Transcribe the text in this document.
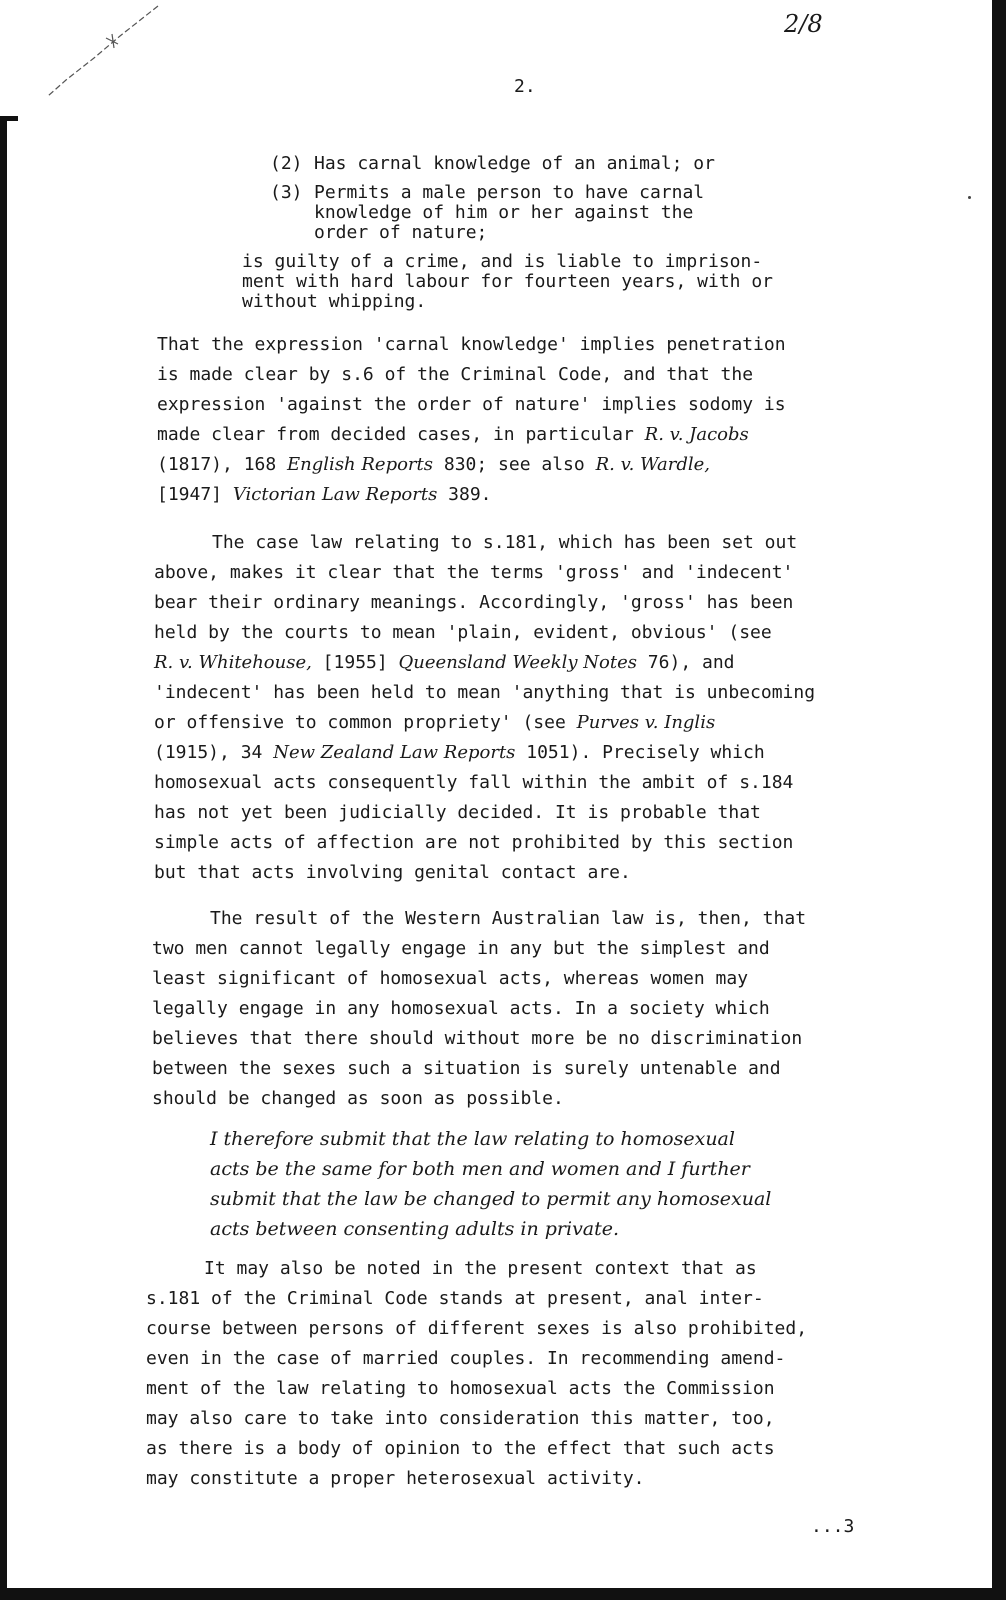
2/8
2.
(2) Has carnal knowledge of an animal; or
(3) Permits a male person to have carnal
knowledge of him or her against the
order of nature;
is guilty of a crime, and is liable to imprison-
ment with hard labour for fourteen years, with or
without whipping.
That the expression 'carnal knowledge' implies penetration
is made clear by s.6 of the Criminal Code, and that the
expression 'against the order of nature' implies sodomy is
made clear from decided cases, in particular R. v. Jacobs
(1817), 168 English Reports 830; see also R. v. Wardle,
[1947] Victorian Law Reports 389.
The case law relating to s.181, which has been set out
above, makes it clear that the terms 'gross' and 'indecent'
bear their ordinary meanings. Accordingly, 'gross' has been
held by the courts to mean 'plain, evident, obvious' (see
R. v. Whitehouse, [1955] Queensland Weekly Notes 76), and
'indecent' has been held to mean 'anything that is unbecoming
or offensive to common propriety' (see Purves v. Inglis
(1915), 34 New Zealand Law Reports 1051). Precisely which
homosexual acts consequently fall within the ambit of s.184
has not yet been judicially decided. It is probable that
simple acts of affection are not prohibited by this section
but that acts involving genital contact are.
The result of the Western Australian law is, then, that
two men cannot legally engage in any but the simplest and
least significant of homosexual acts, whereas women may
legally engage in any homosexual acts. In a society which
believes that there should without more be no discrimination
between the sexes such a situation is surely untenable and
should be changed as soon as possible.
I therefore submit that the law relating to homosexual
acts be the same for both men and women and I further
submit that the law be changed to permit any homosexual
acts between consenting adults in private.
It may also be noted in the present context that as
s.181 of the Criminal Code stands at present, anal inter-
course between persons of different sexes is also prohibited,
even in the case of married couples. In recommending amend-
ment of the law relating to homosexual acts the Commission
may also care to take into consideration this matter, too,
as there is a body of opinion to the effect that such acts
may constitute a proper heterosexual activity.
...3
